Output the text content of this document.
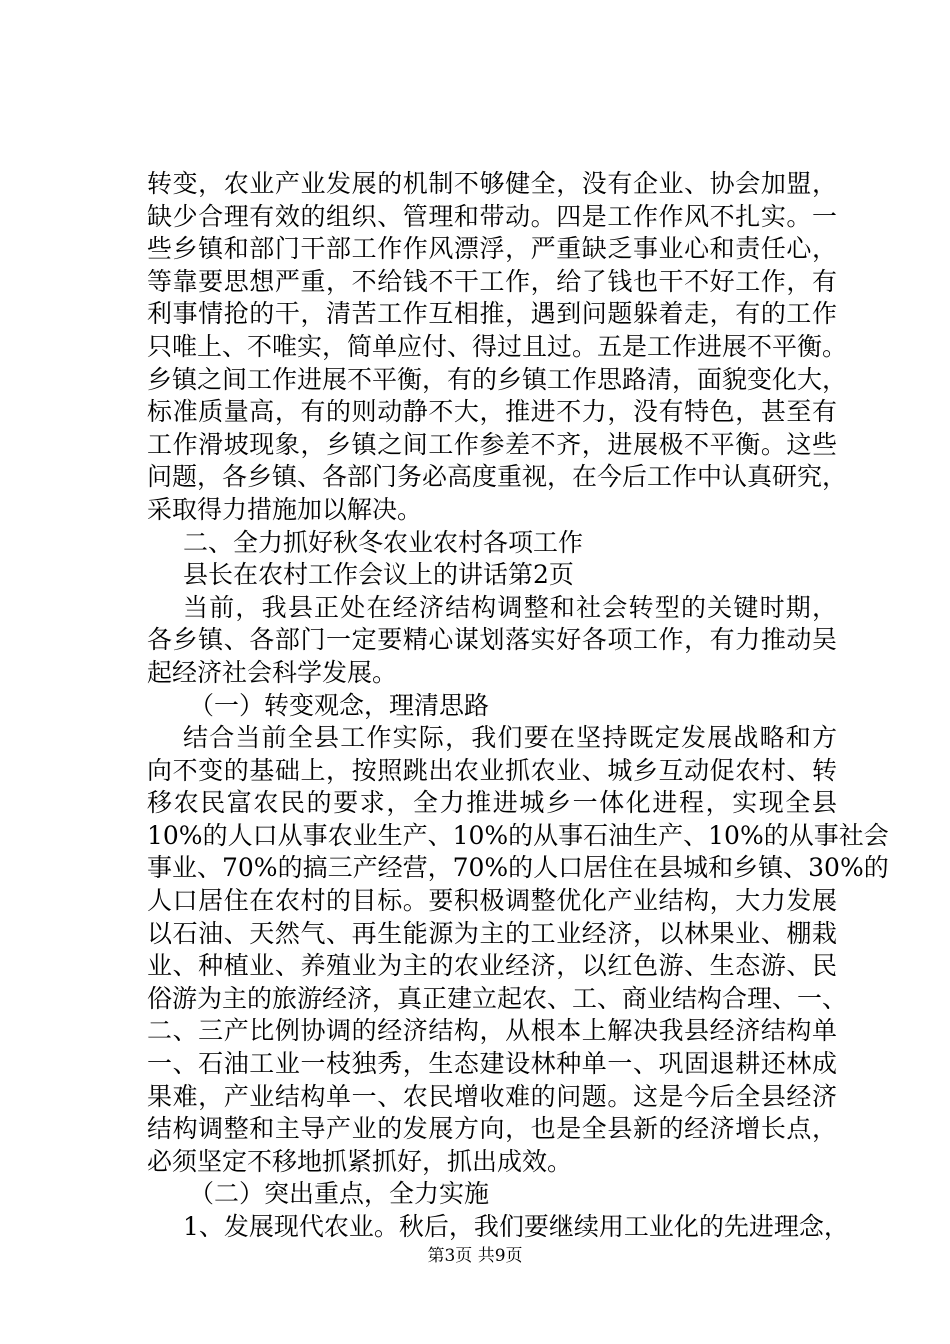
转变，农业产业发展的机制不够健全，没有企业、协会加盟，
缺少合理有效的组织、管理和带动。四是工作作风不扎实。一
些乡镇和部门干部工作作风漂浮，严重缺乏事业心和责任心，
等靠要思想严重，不给钱不干工作，给了钱也干不好工作，有
利事情抢的干，清苦工作互相推，遇到问题躲着走，有的工作
只唯上、不唯实，简单应付、得过且过。五是工作进展不平衡。
乡镇之间工作进展不平衡，有的乡镇工作思路清，面貌变化大，
标准质量高，有的则动静不大，推进不力，没有特色，甚至有
工作滑坡现象，乡镇之间工作参差不齐，进展极不平衡。这些
问题，各乡镇、各部门务必高度重视，在今后工作中认真研究，
采取得力措施加以解决。
二、全力抓好秋冬农业农村各项工作
县长在农村工作会议上的讲话第2页
当前，我县正处在经济结构调整和社会转型的关键时期，
各乡镇、各部门一定要精心谋划落实好各项工作，有力推动吴
起经济社会科学发展。
（一）转变观念，理清思路
结合当前全县工作实际，我们要在坚持既定发展战略和方
向不变的基础上，按照跳出农业抓农业、城乡互动促农村、转
移农民富农民的要求，全力推进城乡一体化进程，实现全县
10%的人口从事农业生产、10%的从事石油生产、10%的从事社会
事业、70%的搞三产经营，70%的人口居住在县城和乡镇、30%的
人口居住在农村的目标。要积极调整优化产业结构，大力发展
以石油、天然气、再生能源为主的工业经济，以林果业、棚栽
业、种植业、养殖业为主的农业经济，以红色游、生态游、民
俗游为主的旅游经济，真正建立起农、工、商业结构合理、一、
二、三产比例协调的经济结构，从根本上解决我县经济结构单
一、石油工业一枝独秀，生态建设林种单一、巩固退耕还林成
果难，产业结构单一、农民增收难的问题。这是今后全县经济
结构调整和主导产业的发展方向，也是全县新的经济增长点，
必须坚定不移地抓紧抓好，抓出成效。
（二）突出重点，全力实施
1、发展现代农业。秋后，我们要继续用工业化的先进理念，
第3页 共9页
